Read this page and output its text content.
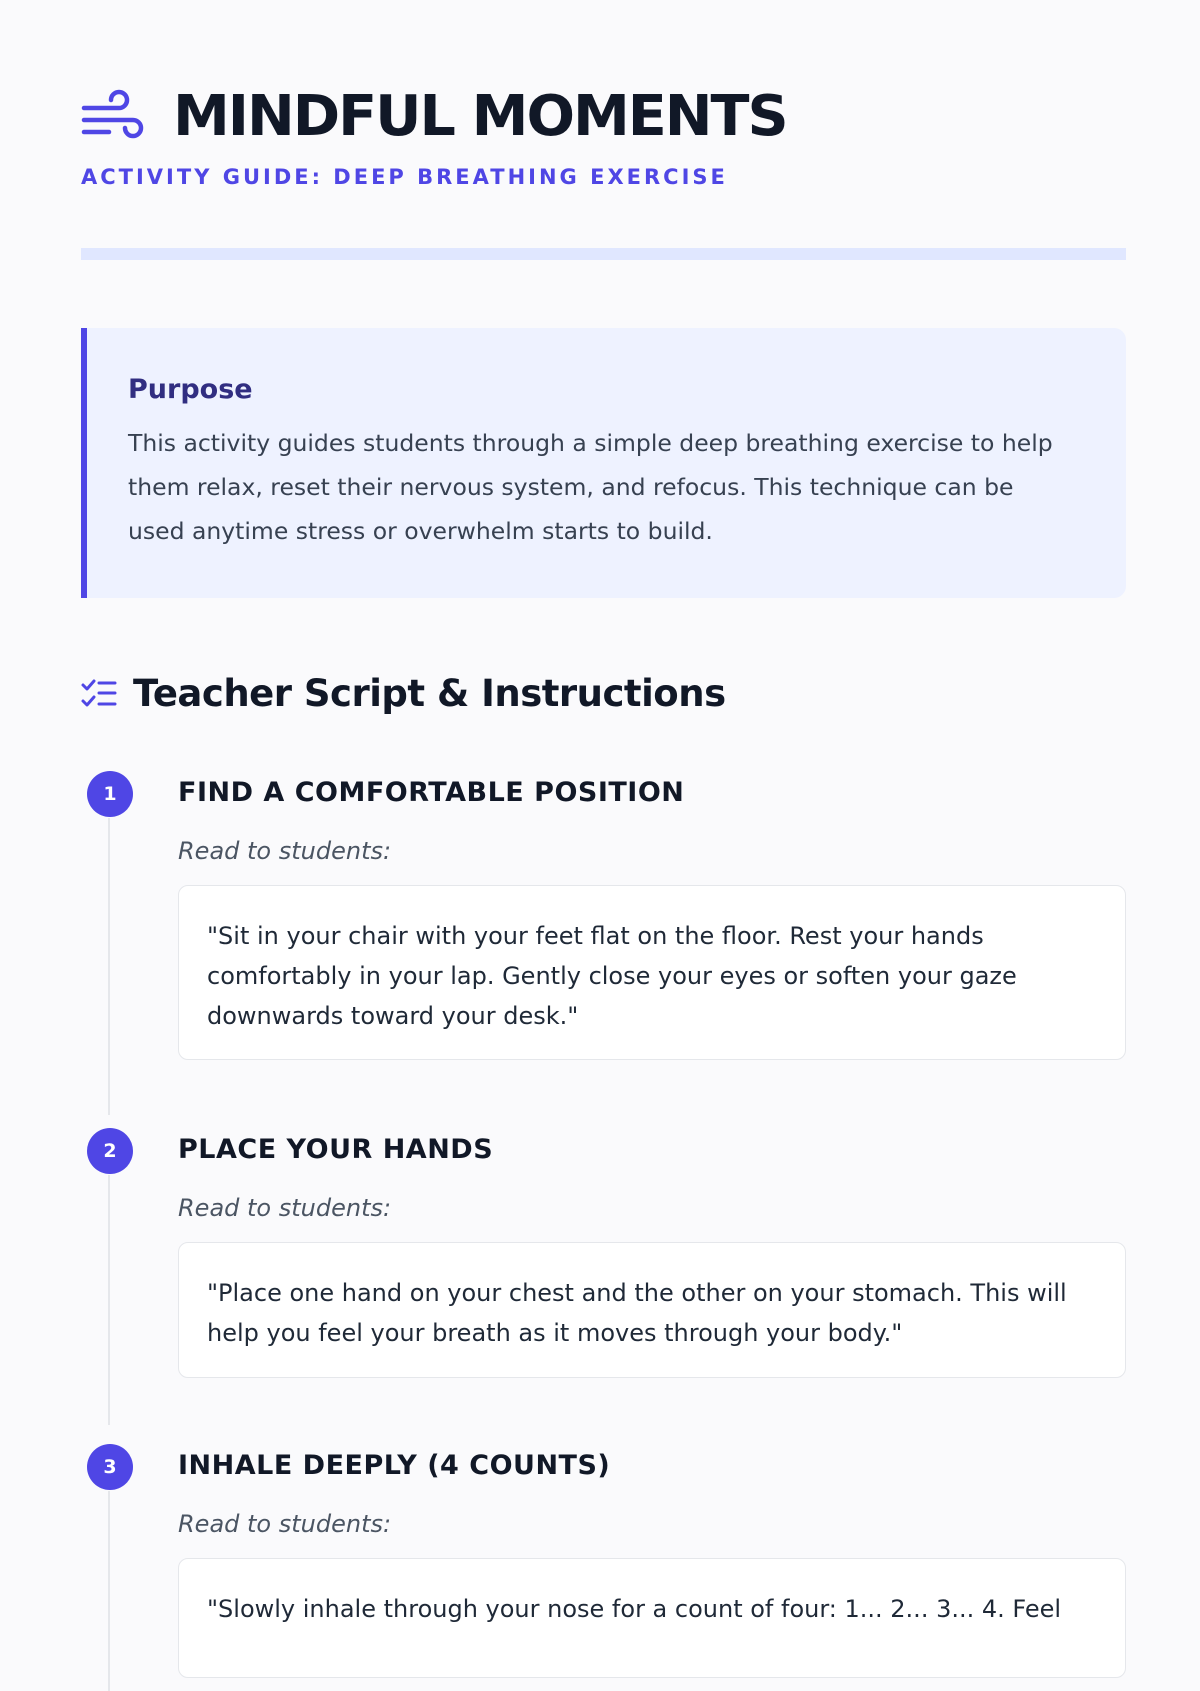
MINDFUL MOMENTS
ACTIVITY GUIDE: DEEP BREATHING EXERCISE
Purpose

This activity guides students through a simple deep breathing exercise to help them relax, reset their nervous system, and refocus. This technique can be used anytime stress or overwhelm starts to build.

Teacher Script & Instructions
1	FIND A COMFORTABLE POSITION
Read to students:
"Sit in your chair with your feet flat on the floor. Rest your hands comfortably in your lap. Gently close your eyes or soften your gaze downwards toward your desk."
2	PLACE YOUR HANDS
Read to students:
"Place one hand on your chest and the other on your stomach. This will help you feel your breath as it moves through your body."
3	INHALE DEEPLY (4 COUNTS)
Read to students:
"Slowly inhale through your nose for a count of four: 1... 2... 3... 4. Feel
